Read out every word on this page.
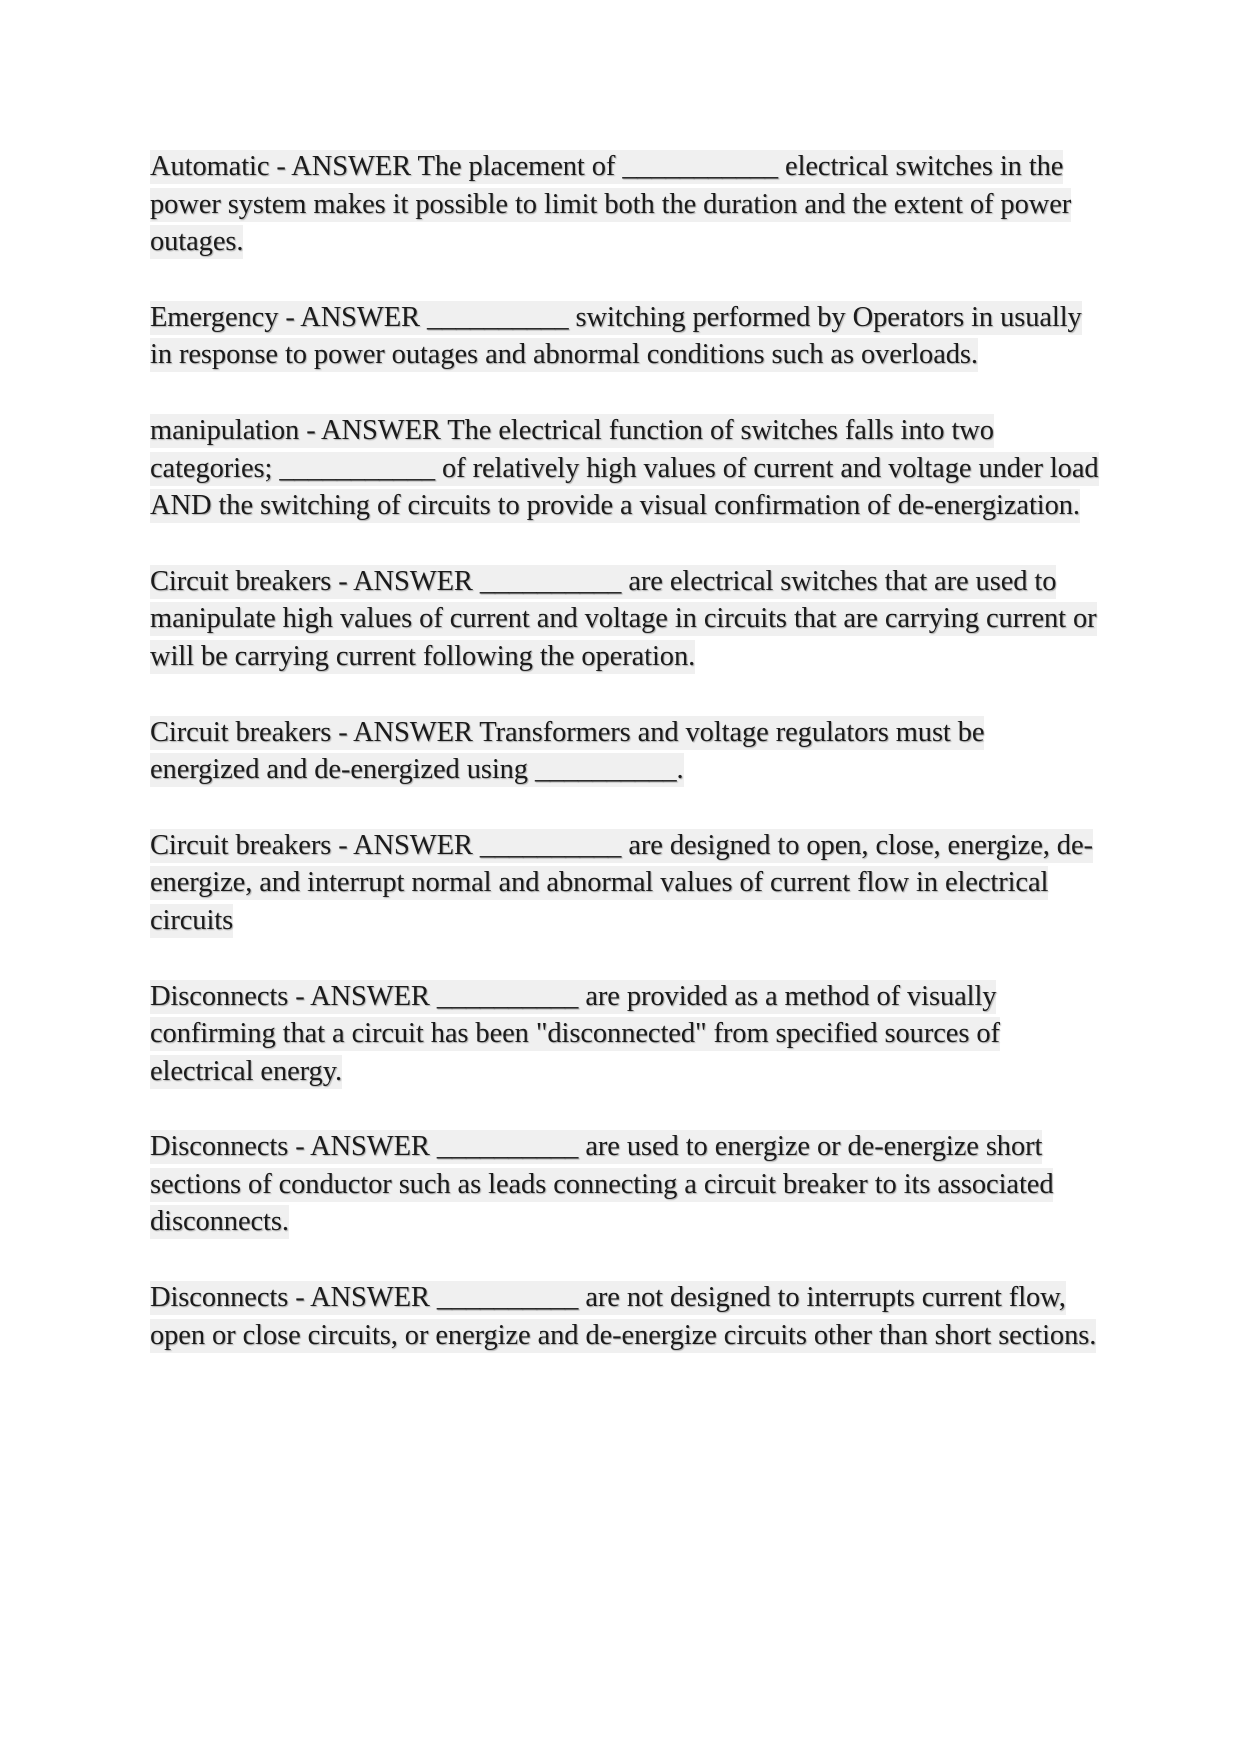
Automatic - ANSWER The placement of ___________ electrical switches in the power system makes it possible to limit both the duration and the extent of power outages.

Emergency - ANSWER __________ switching performed by Operators in usually in response to power outages and abnormal conditions such as overloads.

manipulation - ANSWER The electrical function of switches falls into two categories; ___________ of relatively high values of current and voltage under load AND the switching of circuits to provide a visual confirmation of de-energization.

Circuit breakers - ANSWER __________ are electrical switches that are used to manipulate high values of current and voltage in circuits that are carrying current or will be carrying current following the operation.

Circuit breakers - ANSWER Transformers and voltage regulators must be energized and de-energized using __________.

Circuit breakers - ANSWER __________ are designed to open, close, energize, de-energize, and interrupt normal and abnormal values of current flow in electrical circuits

Disconnects - ANSWER __________ are provided as a method of visually confirming that a circuit has been "disconnected" from specified sources of electrical energy.

Disconnects - ANSWER __________ are used to energize or de-energize short sections of conductor such as leads connecting a circuit breaker to its associated disconnects.

Disconnects - ANSWER __________ are not designed to interrupts current flow, open or close circuits, or energize and de-energize circuits other than short sections.
